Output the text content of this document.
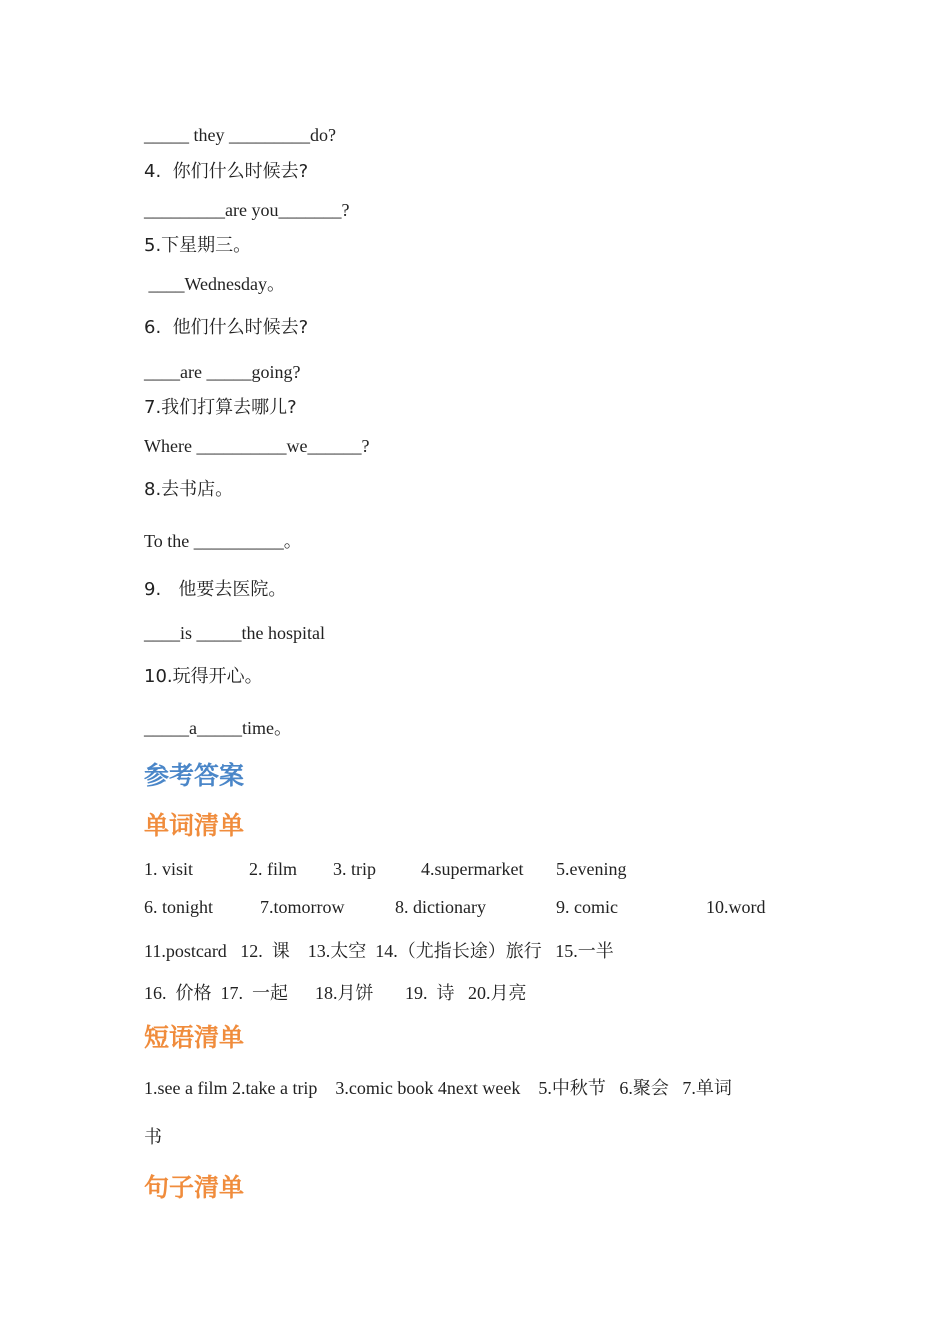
_____ they _________do?
4.  你们什么时候去?
_________are you_______?
5.下星期三。
____Wednesday。
6.  他们什么时候去?
____are _____going?
7.我们打算去哪儿?
Where __________we______?
8.去书店。
To the __________。
9.   他要去医院。
____is _____the hospital
10.玩得开心。
_____a_____time。
参考答案
单词清单
1. visit	2. film 3. trip	4.supermarket 5.evening
6. tonight	7.tomorrow	8. dictionary	9. comic	10.word
11.postcard   12.  课    13.太空  14.（尤指长途）旅行   15.一半
16.  价格  17.  一起      18.月饼       19.  诗   20.月亮
短语清单
1.see a film 2.take a trip    3.comic book 4next week    5.中秋节   6.聚会   7.单词
书
句子清单
